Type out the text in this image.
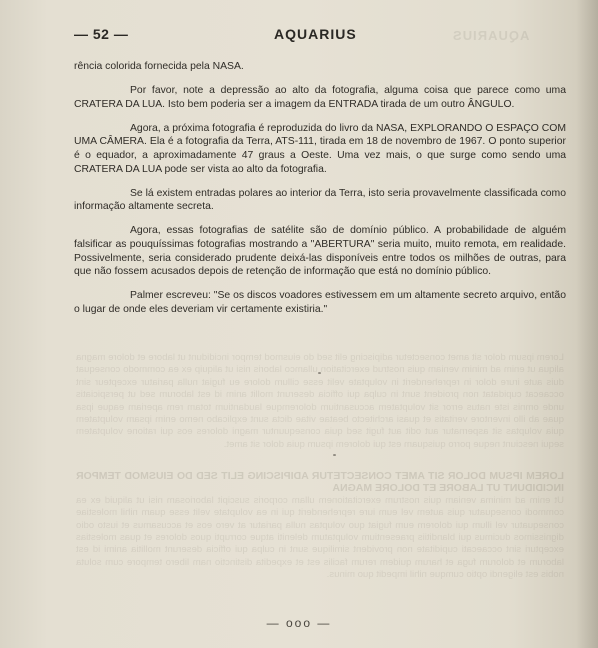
— 52 —	AQUARIUS	AQUARIUS

rência colorida fornecida pela NASA.

Por favor, note a depressão ao alto da fotografia, alguma coisa que parece como uma CRATERA DA LUA. Isto bem poderia ser a imagem da ENTRADA tirada de um outro ÂNGULO.

Agora, a próxima fotografia é reproduzida do livro da NASA, EXPLORANDO O ESPAÇO COM UMA CÂMERA. Ela é a fotografia da Terra, ATS-111, tirada em 18 de novembro de 1967. O ponto superior é o equador, a aproximadamente 47 graus a Oeste. Uma vez mais, o que surge como sendo uma CRATERA DA LUA pode ser vista ao alto da fotografia.

Se lá existem entradas polares ao interior da Terra, isto seria provavelmente classificada como informação altamente secreta.

Agora, essas fotografias de satélite são de domínio público. A probabilidade de alguém falsificar as pouquíssimas fotografias mostrando a "ABERTURA" seria muito, muito remota, em realidade. Possivelmente, seria considerado prudente deixá-las disponíveis entre todos os milhões de outras, para que não fossem acusados depois de retenção de informação que está no domínio público.

Palmer escreveu: "Se os discos voadores estivessem em um altamente secreto arquivo, então o lugar de onde eles deveriam vir certamente existiria."

Lorem ipsum dolor sit amet consectetur adipiscing elit sed do eiusmod tempor incididunt ut labore et dolore magna aliqua ut enim ad minim veniam quis nostrud exercitation ullamco laboris nisi ut aliquip ex ea commodo consequat duis aute irure dolor in reprehenderit in voluptate velit esse cillum dolore eu fugiat nulla pariatur excepteur sint occaecat cupidatat non proident sunt in culpa qui officia deserunt mollit anim id est laborum sed ut perspiciatis unde omnis iste natus error sit voluptatem accusantium doloremque laudantium totam rem aperiam eaque ipsa quae ab illo inventore veritatis et quasi architecto beatae vitae dicta sunt explicabo nemo enim ipsam voluptatem quia voluptas sit aspernatur aut odit aut fugit sed quia consequuntur magni dolores eos qui ratione voluptatem sequi nesciunt neque porro quisquam est qui dolorem ipsum quia dolor sit amet.
LOREM IPSUM DOLOR SIT AMET CONSECTETUR ADIPISCING ELIT SED DO EIUSMOD TEMPOR INCIDIDUNT UT LABORE ET DOLORE MAGNA
Ut enim ad minima veniam quis nostrum exercitationem ullam corporis suscipit laboriosam nisi ut aliquid ex ea commodi consequatur quis autem vel eum iure reprehenderit qui in ea voluptate velit esse quam nihil molestiae consequatur vel illum qui dolorem eum fugiat quo voluptas nulla pariatur at vero eos et accusamus et iusto odio dignissimos ducimus qui blanditiis praesentium voluptatum deleniti atque corrupti quos dolores et quas molestias excepturi sint occaecati cupiditate non provident similique sunt in culpa qui officia deserunt mollitia animi id est laborum et dolorum fuga et harum quidem rerum facilis est et expedita distinctio nam libero tempore cum soluta nobis est eligendi optio cumque nihil impedit quo minus.
— ooo —
